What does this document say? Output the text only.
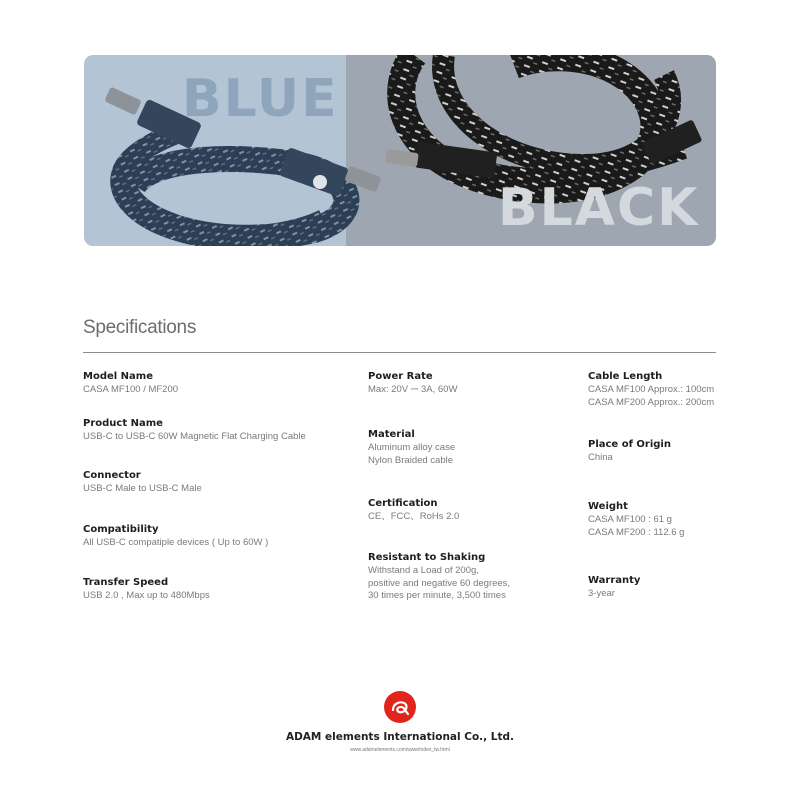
BLUE
BLACK
Specifications
Model Name
CASA MF100 / MF200
Product Name
USB-C to USB-C 60W Magnetic Flat Charging Cable
Connector
USB-C Male to USB-C Male
Compatibility
All USB-C compatiple devices ( Up to 60W )
Transfer Speed
USB 2.0 , Max up to 480Mbps
Power Rate
Max: 20V ⎓ 3A, 60W
Material
Aluminum alloy case
Nylon Braided cable
Certification
CE、FCC、RoHs 2.0
Resistant to Shaking
Withstand a Load of 200g,
positive and negative 60 degrees,
30 times per minute, 3,500 times
Cable Length
CASA MF100 Approx.: 100cm
CASA MF200 Approx.: 200cm
Place of Origin
China
Weight
CASA MF100 : 61 g
CASA MF200 : 112.6 g
Warranty
3-year
ADAM elements International Co., Ltd.
www.adamelements.com/www/index_tw.html
